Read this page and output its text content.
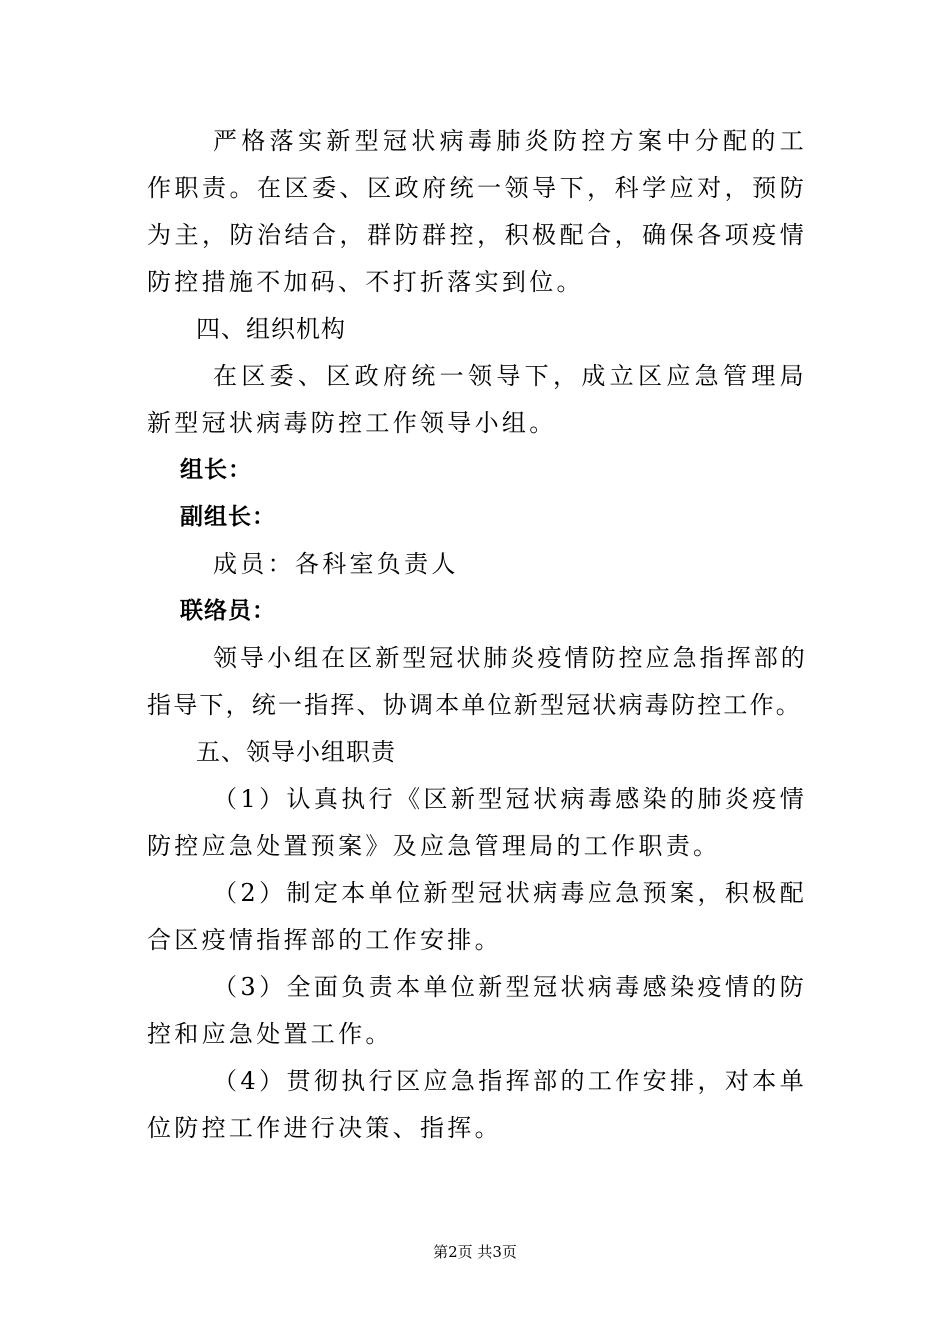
严格落实新型冠状病毒肺炎防控方案中分配的工作职责。在区委、区政府统一领导下，科学应对，预防为主，防治结合，群防群控，积极配合，确保各项疫情防控措施不加码、不打折落实到位。

四、组织机构

在区委、区政府统一领导下，成立区应急管理局新型冠状病毒防控工作领导小组。

组长：

副组长：

成员：各科室负责人

联络员：

领导小组在区新型冠状肺炎疫情防控应急指挥部的指导下，统一指挥、协调本单位新型冠状病毒防控工作。

五、领导小组职责

（1）认真执行《区新型冠状病毒感染的肺炎疫情防控应急处置预案》及应急管理局的工作职责。

（2）制定本单位新型冠状病毒应急预案，积极配合区疫情指挥部的工作安排。

（3）全面负责本单位新型冠状病毒感染疫情的防控和应急处置工作。

（4）贯彻执行区应急指挥部的工作安排，对本单位防控工作进行决策、指挥。

第2页 共3页
